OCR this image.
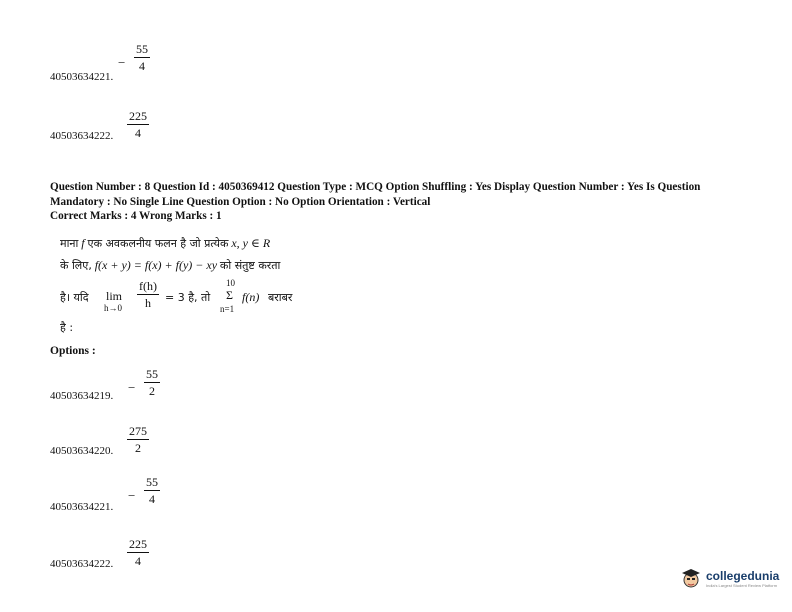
− $\frac{55}{4}$
40503634221.
$\frac{225}{4}$
40503634222.
Question Number : 8 Question Id : 4050369412 Question Type : MCQ Option Shuffling : Yes Display Question Number : Yes Is Question
Mandatory : No Single Line Question Option : No Option Orientation : Vertical
Correct Marks : 4 Wrong Marks : 1
माना f एक अवकलनीय फलन है जो प्रत्येक x, y ∈ R
के लिए, f(x + y) = f(x) + f(y) − xy को संतुष्ट करता
है। यदि lim
$h\to 0 \frac{f(h)}{h} = 3$ है, तो
10
Σ
n=1
f(n) बराबर
है :
Options :
− $\frac{55}{2}$
40503634219.
$\frac{275}{2}$
40503634220.
− $\frac{55}{4}$
40503634221.
$\frac{225}{4}$
40503634222.
collegedunia
India's Largest Student Review Platform
